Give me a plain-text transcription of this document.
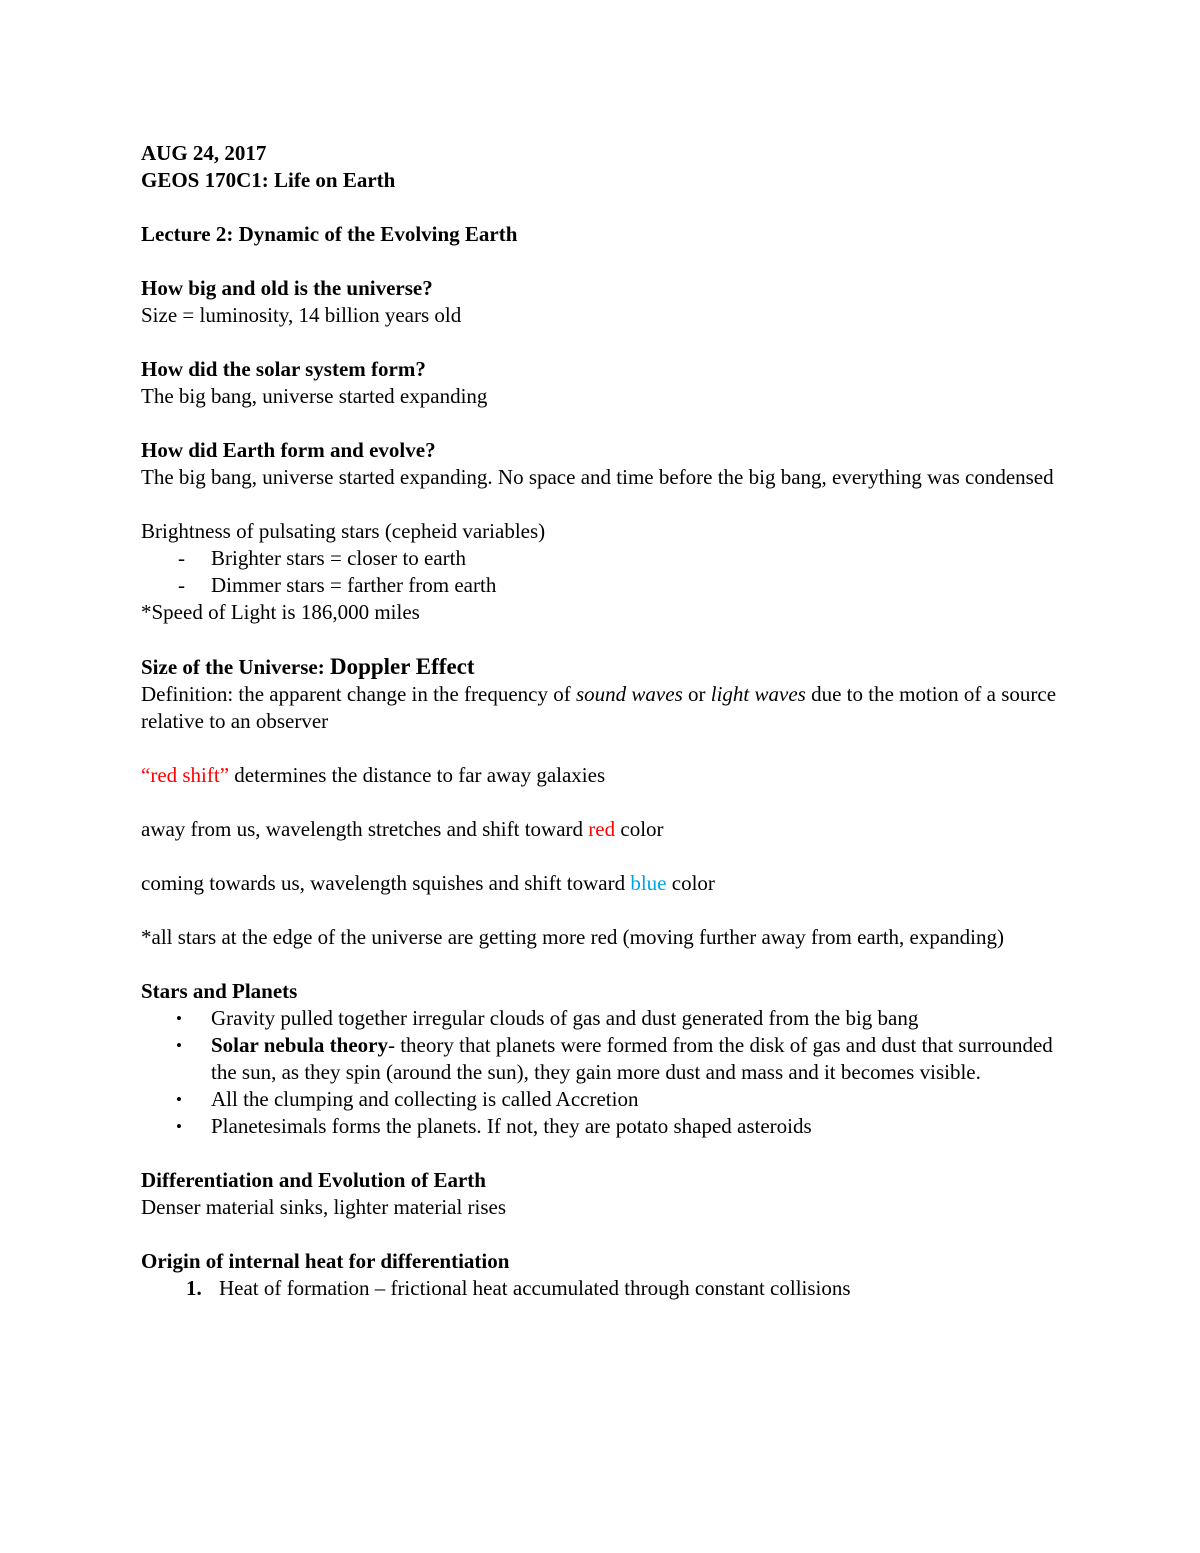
AUG 24, 2017

GEOS 170C1: Life on Earth

Lecture 2: Dynamic of the Evolving Earth

How big and old is the universe?

Size = luminosity, 14 billion years old

How did the solar system form?

The big bang, universe started expanding

How did Earth form and evolve?

The big bang, universe started expanding. No space and time before the big bang, everything was condensed

Brightness of pulsating stars (cepheid variables)

- Brighter stars = closer to earth
- Dimmer stars = farther from earth

*Speed of Light is 186,000 miles

Size of the Universe: Doppler Effect

Definition: the apparent change in the frequency of sound waves or light waves due to the motion of a source relative to an observer

“red shift” determines the distance to far away galaxies

away from us, wavelength stretches and shift toward red color

coming towards us, wavelength squishes and shift toward blue color

*all stars at the edge of the universe are getting more red (moving further away from earth, expanding)

Stars and Planets

• Gravity pulled together irregular clouds of gas and dust generated from the big bang
• Solar nebula theory- theory that planets were formed from the disk of gas and dust that surrounded the sun, as they spin (around the sun), they gain more dust and mass and it becomes visible.
• All the clumping and collecting is called Accretion
• Planetesimals forms the planets. If not, they are potato shaped asteroids

Differentiation and Evolution of Earth

Denser material sinks, lighter material rises

Origin of internal heat for differentiation

1. Heat of formation – frictional heat accumulated through constant collisions
